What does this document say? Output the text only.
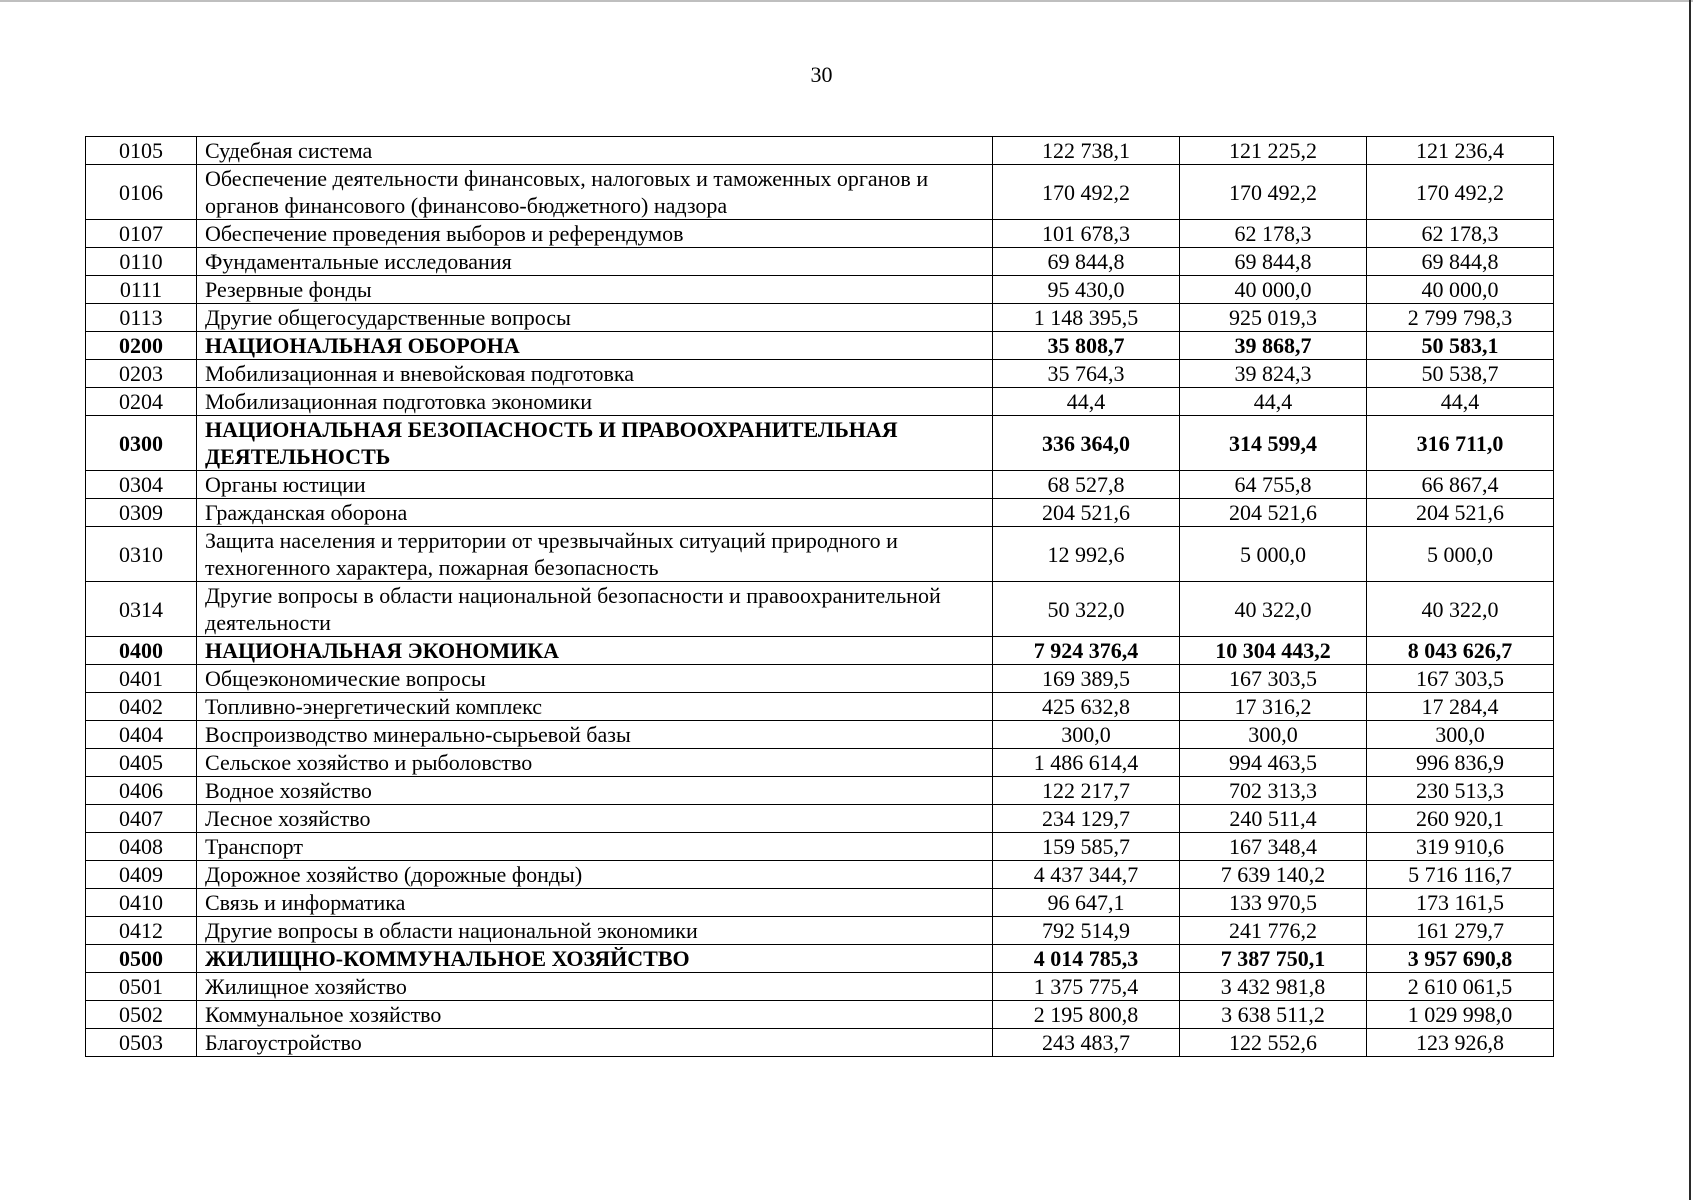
30
0105	Судебная система	122 738,1	121 225,2	121 236,4
0106	Обеспечение деятельности финансовых, налоговых и таможенных органов и органов финансового (финансово-бюджетного) надзора	170 492,2	170 492,2	170 492,2
0107	Обеспечение проведения выборов и референдумов	101 678,3	62 178,3	62 178,3
0110	Фундаментальные исследования	69 844,8	69 844,8	69 844,8
0111	Резервные фонды	95 430,0	40 000,0	40 000,0
0113	Другие общегосударственные вопросы	1 148 395,5	925 019,3	2 799 798,3
0200	НАЦИОНАЛЬНАЯ ОБОРОНА	35 808,7	39 868,7	50 583,1
0203	Мобилизационная и вневойсковая подготовка	35 764,3	39 824,3	50 538,7
0204	Мобилизационная подготовка экономики	44,4	44,4	44,4
0300	НАЦИОНАЛЬНАЯ БЕЗОПАСНОСТЬ И ПРАВООХРАНИТЕЛЬНАЯ ДЕЯТЕЛЬНОСТЬ	336 364,0	314 599,4	316 711,0
0304	Органы юстиции	68 527,8	64 755,8	66 867,4
0309	Гражданская оборона	204 521,6	204 521,6	204 521,6
0310	Защита населения и территории от чрезвычайных ситуаций природного и техногенного характера, пожарная безопасность	12 992,6	5 000,0	5 000,0
0314	Другие вопросы в области национальной безопасности и правоохранительной деятельности	50 322,0	40 322,0	40 322,0
0400	НАЦИОНАЛЬНАЯ ЭКОНОМИКА	7 924 376,4	10 304 443,2	8 043 626,7
0401	Общеэкономические вопросы	169 389,5	167 303,5	167 303,5
0402	Топливно-энергетический комплекс	425 632,8	17 316,2	17 284,4
0404	Воспроизводство минерально-сырьевой базы	300,0	300,0	300,0
0405	Сельское хозяйство и рыболовство	1 486 614,4	994 463,5	996 836,9
0406	Водное хозяйство	122 217,7	702 313,3	230 513,3
0407	Лесное хозяйство	234 129,7	240 511,4	260 920,1
0408	Транспорт	159 585,7	167 348,4	319 910,6
0409	Дорожное хозяйство (дорожные фонды)	4 437 344,7	7 639 140,2	5 716 116,7
0410	Связь и информатика	96 647,1	133 970,5	173 161,5
0412	Другие вопросы в области национальной экономики	792 514,9	241 776,2	161 279,7
0500	ЖИЛИЩНО-КОММУНАЛЬНОЕ ХОЗЯЙСТВО	4 014 785,3	7 387 750,1	3 957 690,8
0501	Жилищное хозяйство	1 375 775,4	3 432 981,8	2 610 061,5
0502	Коммунальное хозяйство	2 195 800,8	3 638 511,2	1 029 998,0
0503	Благоустройство	243 483,7	122 552,6	123 926,8
